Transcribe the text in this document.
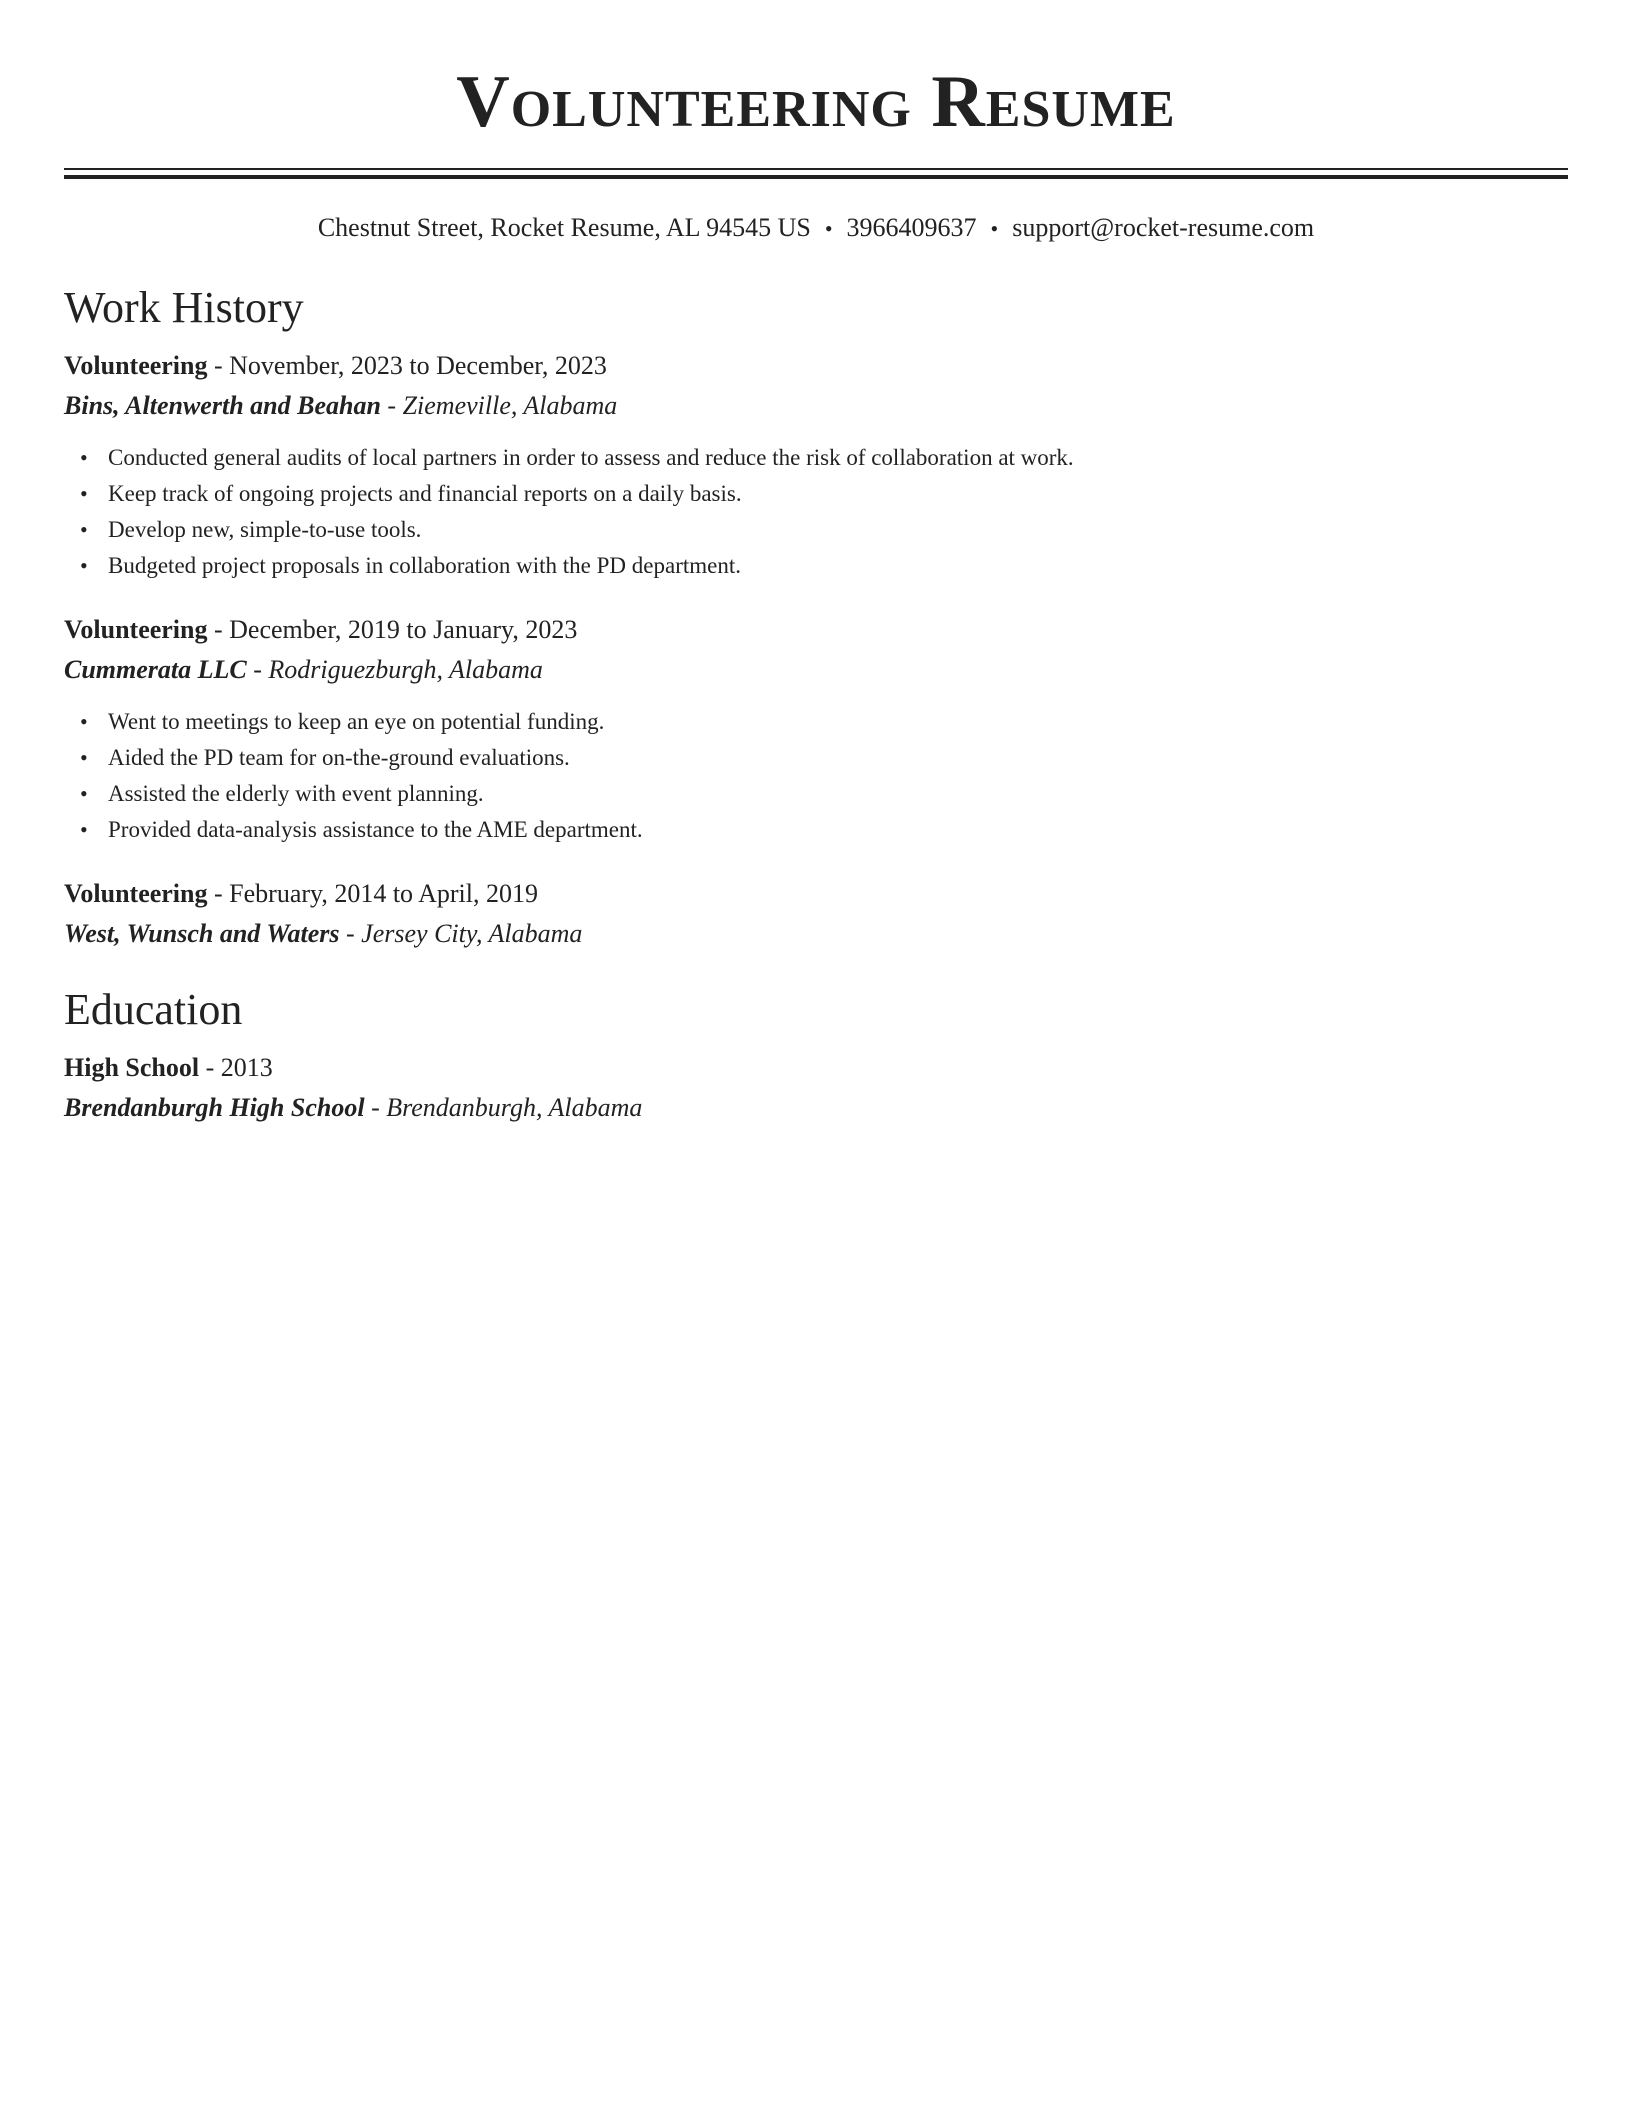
Volunteering Resume
Chestnut Street, Rocket Resume, AL 94545 US • 3966409637 • support@rocket-resume.com
Work History
Volunteering - November, 2023 to December, 2023
Bins, Altenwerth and Beahan - Ziemeville, Alabama
• Conducted general audits of local partners in order to assess and reduce the risk of collaboration at work.
• Keep track of ongoing projects and financial reports on a daily basis.
• Develop new, simple-to-use tools.
• Budgeted project proposals in collaboration with the PD department.
Volunteering - December, 2019 to January, 2023
Cummerata LLC - Rodriguezburgh, Alabama
• Went to meetings to keep an eye on potential funding.
• Aided the PD team for on-the-ground evaluations.
• Assisted the elderly with event planning.
• Provided data-analysis assistance to the AME department.
Volunteering - February, 2014 to April, 2019
West, Wunsch and Waters - Jersey City, Alabama
Education
High School - 2013
Brendanburgh High School - Brendanburgh, Alabama
